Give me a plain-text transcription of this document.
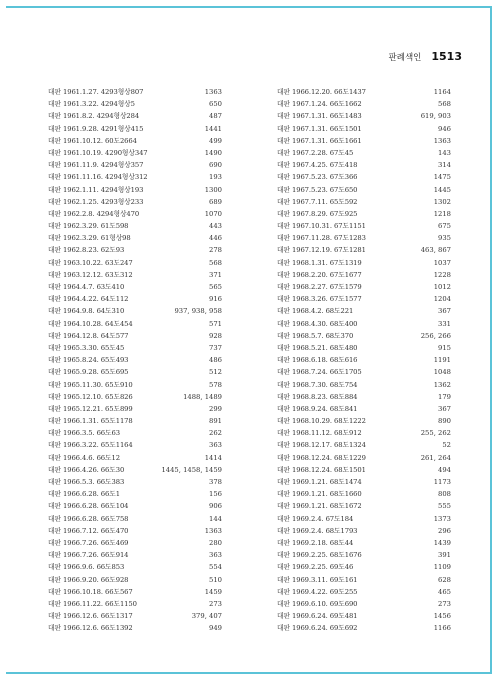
판례색인 1513
대판 1961.1.27. 4293형상807	1363
대판 1961.3.22. 4294형상5	650
대판 1961.8.2. 4294형상284	487
대판 1961.9.28. 4291형상415	1441
대판 1961.10.12. 60도2664	499
대판 1961.10.19. 4290형상347	1490
대판 1961.11.9. 4294형상357	690
대판 1961.11.16. 4294형상312	193
대판 1962.1.11. 4294형상193	1300
대판 1962.1.25. 4293형상233	689
대판 1962.2.8. 4294형상470	1070
대판 1962.3.29. 61도598	443
대판 1962.3.29. 61형상98	446
대판 1962.8.23. 62도93	278
대판 1963.10.22. 63도247	568
대판 1963.12.12. 63도312	371
대판 1964.4.7. 63도410	565
대판 1964.4.22. 64도112	916
대판 1964.9.8. 64도310	937, 938, 958
대판 1964.10.28. 64도454	571
대판 1964.12.8. 64도577	928
대판 1965.3.30. 65도45	737
대판 1965.8.24. 65도493	486
대판 1965.9.28. 65도695	512
대판 1965.11.30. 65도910	578
대판 1965.12.10. 65도826	1488, 1489
대판 1965.12.21. 65도899	299
대판 1966.1.31. 65도1178	891
대판 1966.3.5. 66도63	262
대판 1966.3.22. 65도1164	363
대판 1966.4.6. 66도12	1414
대판 1966.4.26. 66도30	1445, 1458, 1459
대판 1966.5.3. 66도383	378
대판 1966.6.28. 66도1	156
대판 1966.6.28. 66도104	906
대판 1966.6.28. 66도758	144
대판 1966.7.12. 66도470	1363
대판 1966.7.26. 66도469	280
대판 1966.7.26. 66도914	363
대판 1966.9.6. 66도853	554
대판 1966.9.20. 66도928	510
대판 1966.10.18. 66도567	1459
대판 1966.11.22. 66도1150	273
대판 1966.12.6. 66도1317	379, 407
대판 1966.12.6. 66도1392	949
대판 1966.12.20. 66도1437	1164
대판 1967.1.24. 66도1662	568
대판 1967.1.31. 66도1483	619, 903
대판 1967.1.31. 66도1501	946
대판 1967.1.31. 66도1661	1363
대판 1967.2.28. 67도45	143
대판 1967.4.25. 67도418	314
대판 1967.5.23. 67도366	1475
대판 1967.5.23. 67도650	1445
대판 1967.7.11. 65도592	1302
대판 1967.8.29. 67도925	1218
대판 1967.10.31. 67도1151	675
대판 1967.11.28. 67도1283	935
대판 1967.12.19. 67도1281	463, 867
대판 1968.1.31. 67도1319	1037
대판 1968.2.20. 67도1677	1228
대판 1968.2.27. 67도1579	1012
대판 1968.3.26. 67도1577	1204
대판 1968.4.2. 68도221	367
대판 1968.4.30. 68도400	331
대판 1968.5.7. 68도370	256, 266
대판 1968.5.21. 68도480	915
대판 1968.6.18. 68도616	1191
대판 1968.7.24. 66도1705	1048
대판 1968.7.30. 68도754	1362
대판 1968.8.23. 68도884	179
대판 1968.9.24. 68도841	367
대판 1968.10.29. 68도1222	890
대판 1968.11.12. 68도912	255, 262
대판 1968.12.17. 68도1324	52
대판 1968.12.24. 68도1229	261, 264
대판 1968.12.24. 68도1501	494
대판 1969.1.21. 68도1474	1173
대판 1969.1.21. 68도1660	808
대판 1969.1.21. 68도1672	555
대판 1969.2.4. 67도184	1373
대판 1969.2.4. 68도1793	296
대판 1969.2.18. 68도44	1439
대판 1969.2.25. 68도1676	391
대판 1969.2.25. 69도46	1109
대판 1969.3.11. 69도161	628
대판 1969.4.22. 69도255	465
대판 1969.6.10. 69도690	273
대판 1969.6.24. 69도481	1456
대판 1969.6.24. 69도692	1166
